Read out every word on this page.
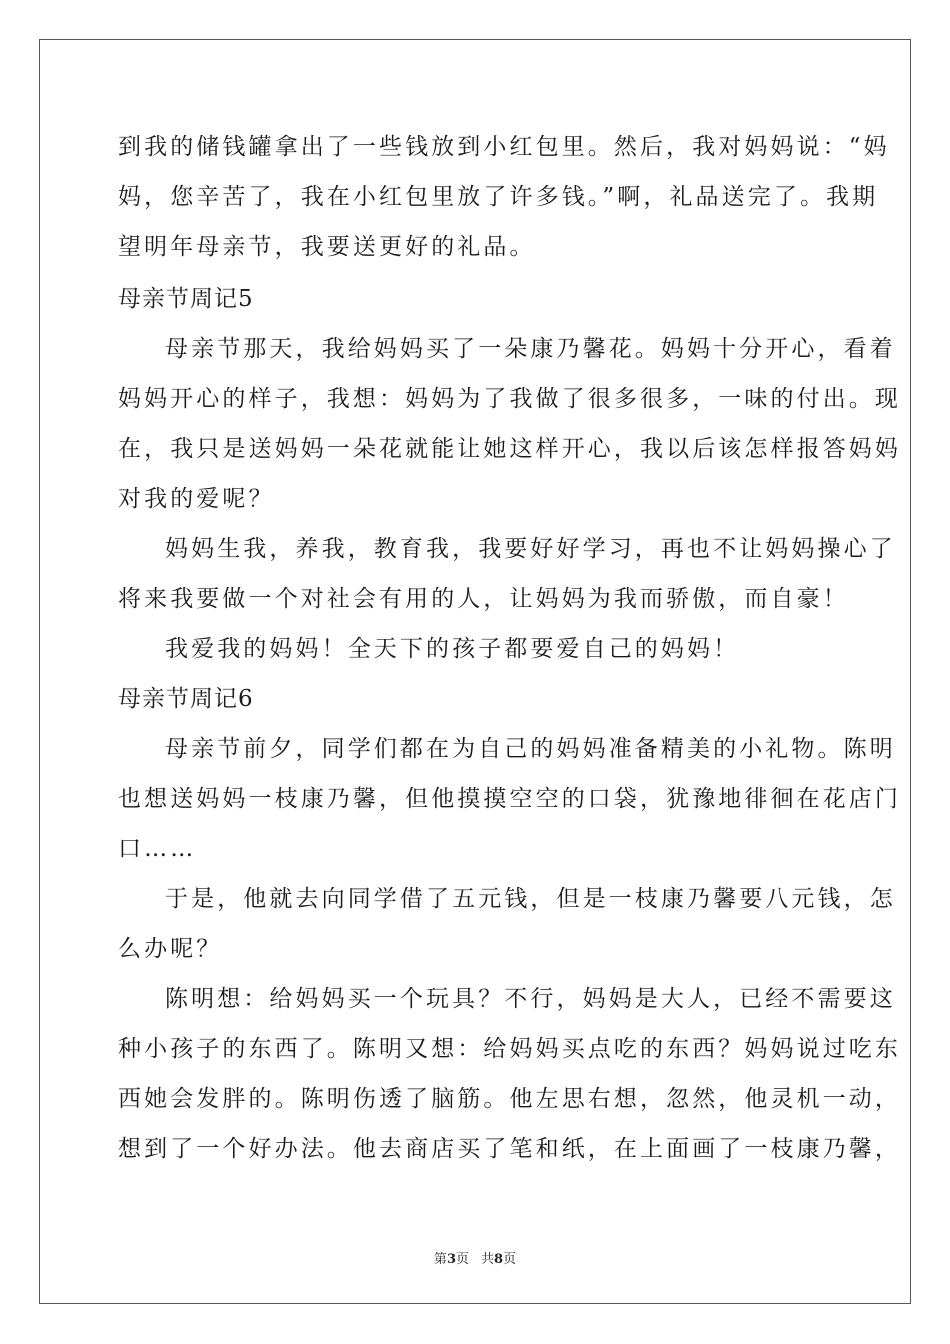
到我的储钱罐拿出了一些钱放到小红包里。然后，我对妈妈说：“妈

妈，您辛苦了，我在小红包里放了许多钱。”啊，礼品送完了。我期

望明年母亲节，我要送更好的礼品。

母亲节周记5

母亲节那天，我给妈妈买了一朵康乃馨花。妈妈十分开心，看着

妈妈开心的样子，我想：妈妈为了我做了很多很多，一味的付出。现

在，我只是送妈妈一朵花就能让她这样开心，我以后该怎样报答妈妈

对我的爱呢？

妈妈生我，养我，教育我，我要好好学习，再也不让妈妈操心了

将来我要做一个对社会有用的人，让妈妈为我而骄傲，而自豪！

我爱我的妈妈！全天下的孩子都要爱自己的妈妈！

母亲节周记6

母亲节前夕，同学们都在为自己的妈妈准备精美的小礼物。陈明

也想送妈妈一枝康乃馨，但他摸摸空空的口袋，犹豫地徘徊在花店门

口……

于是，他就去向同学借了五元钱，但是一枝康乃馨要八元钱，怎

么办呢？

陈明想：给妈妈买一个玩具？不行，妈妈是大人，已经不需要这

种小孩子的东西了。陈明又想：给妈妈买点吃的东西？妈妈说过吃东

西她会发胖的。陈明伤透了脑筋。他左思右想，忽然，他灵机一动，

想到了一个好办法。他去商店买了笔和纸，在上面画了一枝康乃馨，

第3页 共8页
